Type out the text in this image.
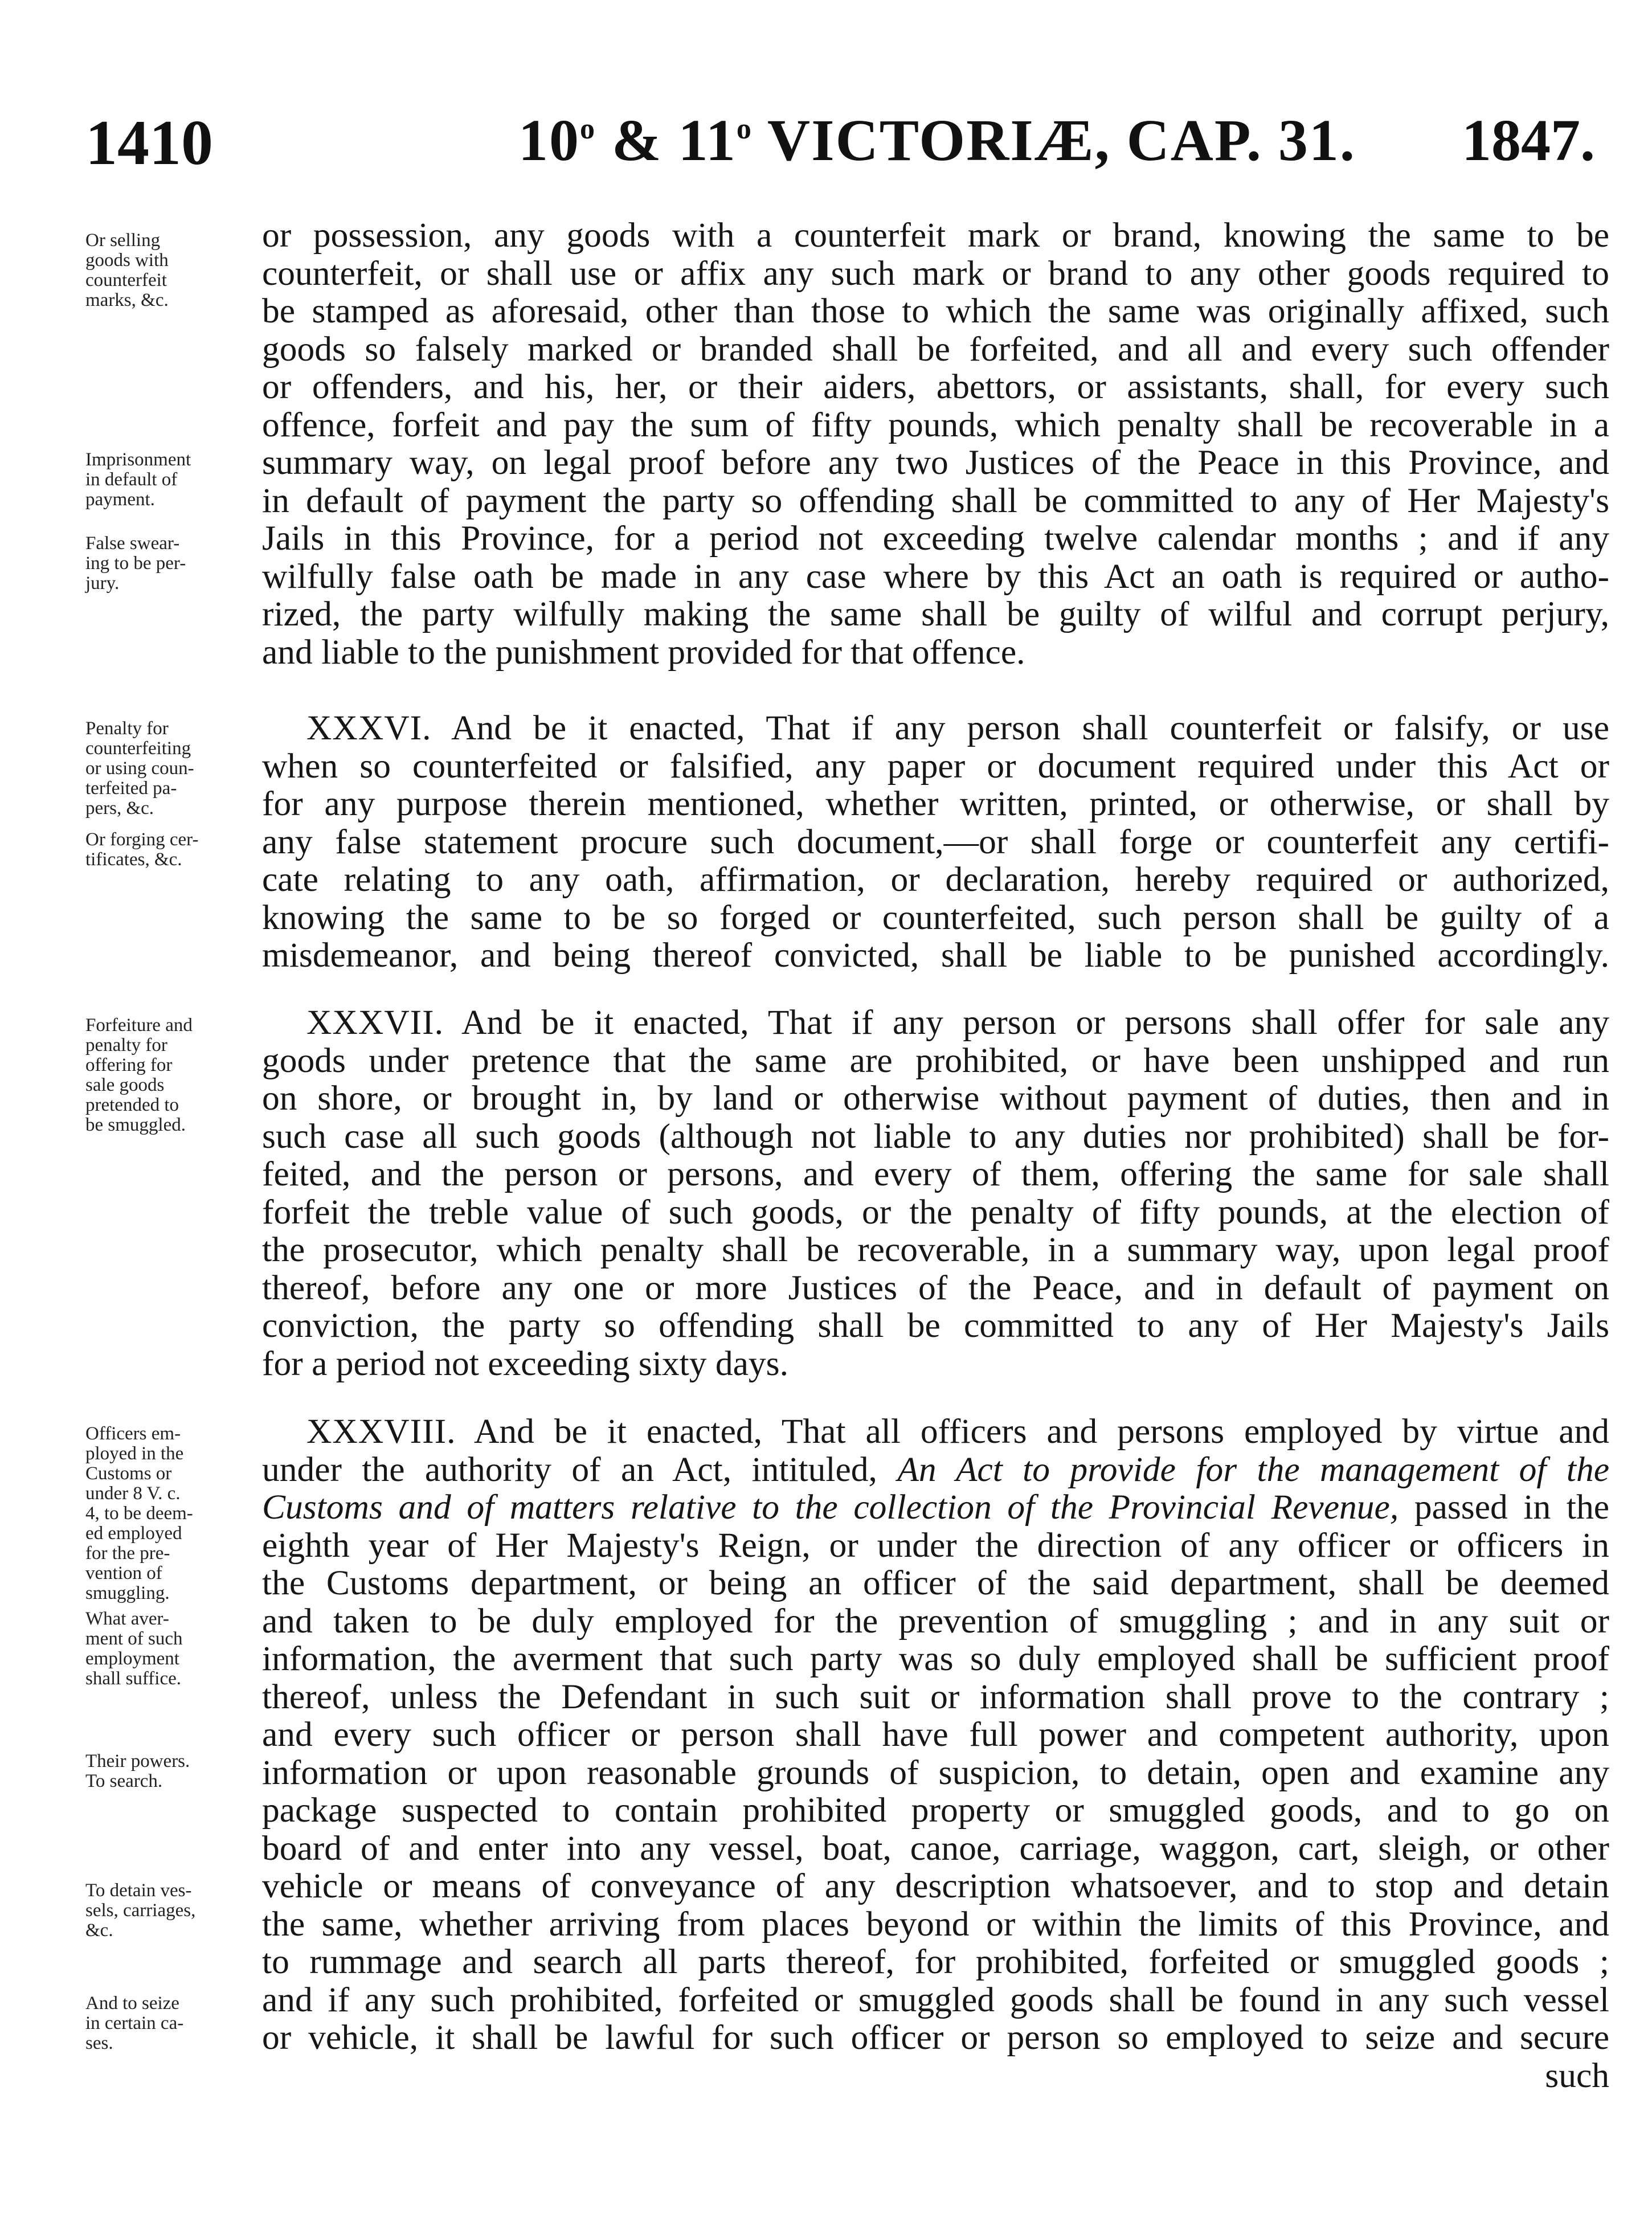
1410	10$^o$ & 11$^o$ VICTORIÆ, CAP. 31. 1847.
or possession, any goods with a counterfeit mark or brand, knowing the same to be
counterfeit, or shall use or affix any such mark or brand to any other goods required to
be stamped as aforesaid, other than those to which the same was originally affixed, such
goods so falsely marked or branded shall be forfeited, and all and every such offender
or offenders, and his, her, or their aiders, abettors, or assistants, shall, for every such
offence, forfeit and pay the sum of fifty pounds, which penalty shall be recoverable in a
summary way, on legal proof before any two Justices of the Peace in this Province, and
in default of payment the party so offending shall be committed to any of Her Majesty's
Jails in this Province, for a period not exceeding twelve calendar months ; and if any
wilfully false oath be made in any case where by this Act an oath is required or autho-
rized, the party wilfully making the same shall be guilty of wilful and corrupt perjury,
and liable to the punishment provided for that offence.
XXXVI. And be it enacted, That if any person shall counterfeit or falsify, or use
when so counterfeited or falsified, any paper or document required under this Act or
for any purpose therein mentioned, whether written, printed, or otherwise, or shall by
any false statement procure such document,—or shall forge or counterfeit any certifi-
cate relating to any oath, affirmation, or declaration, hereby required or authorized,
knowing the same to be so forged or counterfeited, such person shall be guilty of a
misdemeanor, and being thereof convicted, shall be liable to be punished accordingly.
XXXVII. And be it enacted, That if any person or persons shall offer for sale any
goods under pretence that the same are prohibited, or have been unshipped and run
on shore, or brought in, by land or otherwise without payment of duties, then and in
such case all such goods (although not liable to any duties nor prohibited) shall be for-
feited, and the person or persons, and every of them, offering the same for sale shall
forfeit the treble value of such goods, or the penalty of fifty pounds, at the election of
the prosecutor, which penalty shall be recoverable, in a summary way, upon legal proof
thereof, before any one or more Justices of the Peace, and in default of payment on
conviction, the party so offending shall be committed to any of Her Majesty's Jails
for a period not exceeding sixty days.
XXXVIII. And be it enacted, That all officers and persons employed by virtue and
under the authority of an Act, intituled, An Act to provide for the management of the
Customs and of matters relative to the collection of the Provincial Revenue, passed in the
eighth year of Her Majesty's Reign, or under the direction of any officer or officers in
the Customs department, or being an officer of the said department, shall be deemed
and taken to be duly employed for the prevention of smuggling ; and in any suit or
information, the averment that such party was so duly employed shall be sufficient proof
thereof, unless the Defendant in such suit or information shall prove to the contrary ;
and every such officer or person shall have full power and competent authority, upon
information or upon reasonable grounds of suspicion, to detain, open and examine any
package suspected to contain prohibited property or smuggled goods, and to go on
board of and enter into any vessel, boat, canoe, carriage, waggon, cart, sleigh, or other
vehicle or means of conveyance of any description whatsoever, and to stop and detain
the same, whether arriving from places beyond or within the limits of this Province, and
to rummage and search all parts thereof, for prohibited, forfeited or smuggled goods ;
and if any such prohibited, forfeited or smuggled goods shall be found in any such vessel
or vehicle, it shall be lawful for such officer or person so employed to seize and secure
such
Or selling
goods with
counterfeit
marks, &c.
Imprisonment
in default of
payment.
False swear-
ing to be per-
jury.
Penalty for
counterfeiting
or using coun-
terfeited pa-
pers, &c.
Or forging cer-
tificates, &c.
Forfeiture and
penalty for
offering for
sale goods
pretended to
be smuggled.
Officers em-
ployed in the
Customs or
under 8 V. c.
4, to be deem-
ed employed
for the pre-
vention of
smuggling.
What aver-
ment of such
employment
shall suffice.
Their powers.
To search.
To detain ves-
sels, carriages,
&c.
And to seize
in certain ca-
ses.
